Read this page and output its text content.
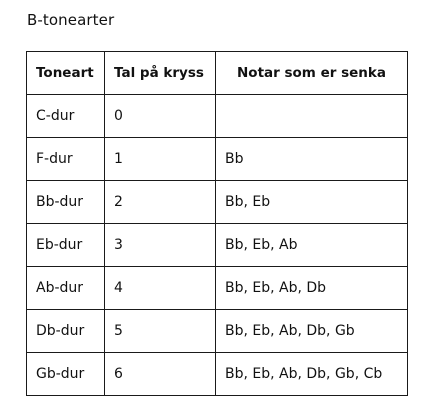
B-tonearter
Toneart	Tal på kryss	Notar som er senka
C-dur	0	
F-dur	1	Bb
Bb-dur	2	Bb, Eb
Eb-dur	3	Bb, Eb, Ab
Ab-dur	4	Bb, Eb, Ab, Db
Db-dur	5	Bb, Eb, Ab, Db, Gb
Gb-dur	6	Bb, Eb, Ab, Db, Gb, Cb
